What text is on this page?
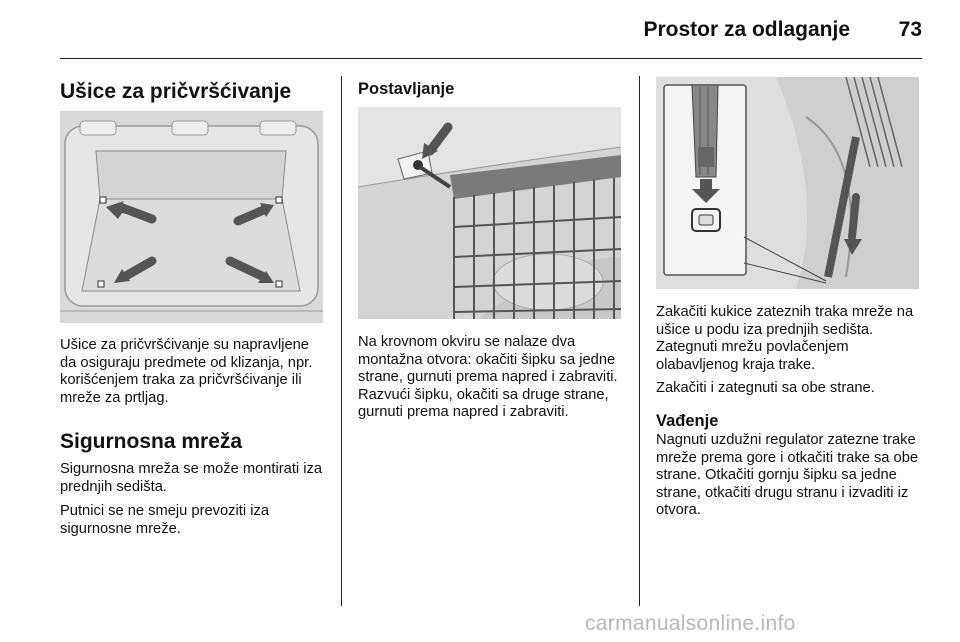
Prostor za odlaganje	73
Ušice za pričvršćivanje

Ušice za pričvršćivanje su napravljene da osiguraju predmete od klizanja, npr. korišćenjem traka za pričvršćivanje ili mreže za prtljag.

Sigurnosna mreža

Sigurnosna mreža se može montirati iza prednjih sedišta.

Putnici se ne smeju prevoziti iza sigurnosne mreže.

Postavljanje

Na krovnom okviru se nalaze dva montažna otvora: okačiti šipku sa jedne strane, gurnuti prema napred i zabraviti. Razvući šipku, okačiti sa druge strane, gurnuti prema napred i zabraviti.

Zakačiti kukice zateznih traka mreže na ušice u podu iza prednjih sedišta. Zategnuti mrežu povlačenjem olabavljenog kraja trake.

Zakačiti i zategnuti sa obe strane.

Vađenje

Nagnuti uzdužni regulator zatezne trake mreže prema gore i otkačiti trake sa obe strane. Otkačiti gornju šipku sa jedne strane, otkačiti drugu stranu i izvaditi iz otvora.

carmanualsonline.info
